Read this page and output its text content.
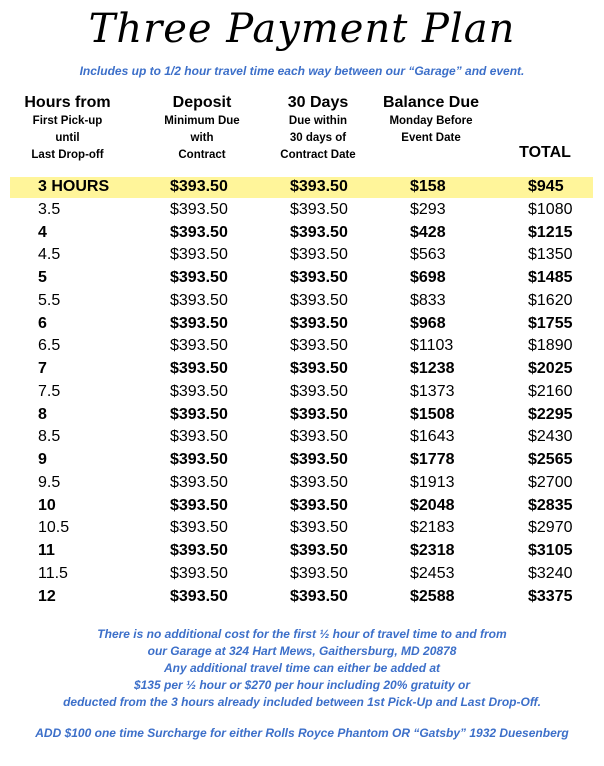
Three Payment Plan
Includes up to 1/2 hour travel time each way between our “Garage” and event.
Hours from
First Pick-up
until
Last Drop-off
Deposit
Minimum Due
with
Contract
30 Days
Due within
30 days of
Contract Date
Balance Due
Monday Before
Event Date
TOTAL
3 HOURS	$393.50	$393.50	$158	$945
3.5	$393.50	$393.50	$293	$1080
4	$393.50	$393.50	$428	$1215
4.5	$393.50	$393.50	$563	$1350
5	$393.50	$393.50	$698	$1485
5.5	$393.50	$393.50	$833	$1620
6	$393.50	$393.50	$968	$1755
6.5	$393.50	$393.50	$1103	$1890
7	$393.50	$393.50	$1238	$2025
7.5	$393.50	$393.50	$1373	$2160
8	$393.50	$393.50	$1508	$2295
8.5	$393.50	$393.50	$1643	$2430
9	$393.50	$393.50	$1778	$2565
9.5	$393.50	$393.50	$1913	$2700
10	$393.50	$393.50	$2048	$2835
10.5	$393.50	$393.50	$2183	$2970
11	$393.50	$393.50	$2318	$3105
11.5	$393.50	$393.50	$2453	$3240
12	$393.50	$393.50	$2588	$3375
There is no additional cost for the first ½ hour of travel time to and from
our Garage at 324 Hart Mews, Gaithersburg, MD 20878
Any additional travel time can either be added at
$135 per ½ hour or $270 per hour including 20% gratuity or
deducted from the 3 hours already included between 1st Pick-Up and Last Drop-Off.
ADD $100 one time Surcharge for either Rolls Royce Phantom OR “Gatsby” 1932 Duesenberg
